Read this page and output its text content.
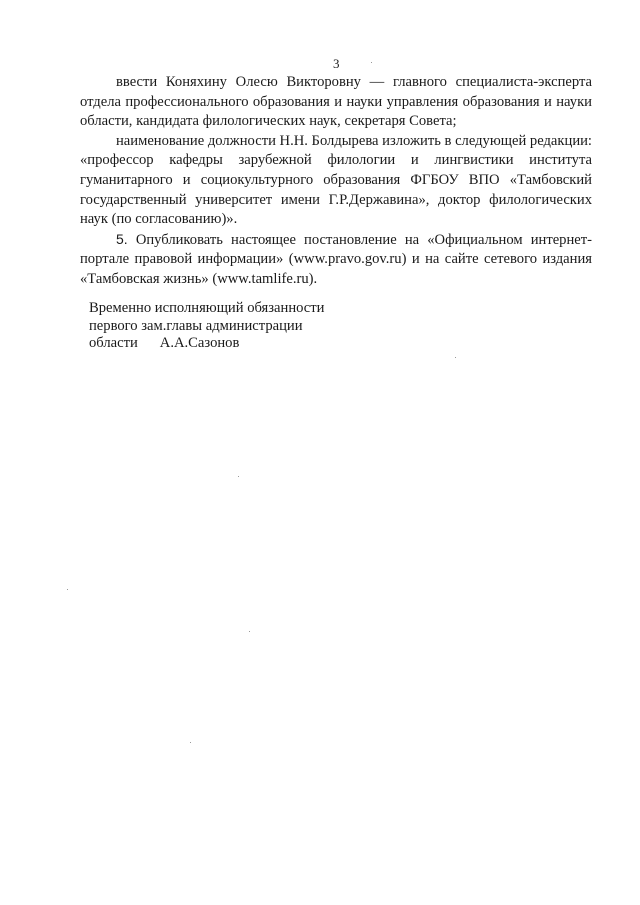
3

ввести Коняхину Олесю Викторовну — главного специалиста-эксперта отдела профессионального образования и науки управления образования и науки области, кандидата филологических наук, секретаря Совета;

наименование должности Н.Н. Болдырева изложить в следующей редакции: «профессор кафедры зарубежной филологии и лингвистики института гуманитарного и социокультурного образования ФГБОУ ВПО «Тамбовский государственный университет имени Г.Р.Державина», доктор филологических наук (по согласованию)».

5. Опубликовать настоящее постановление на «Официальном интернет-портале правовой информации» (www.pravo.gov.ru) и на сайте сетевого издания «Тамбовская жизнь» (www.tamlife.ru).

Временно исполняющий обязанности
первого зам.главы администрации
области А.А.Сазонов
